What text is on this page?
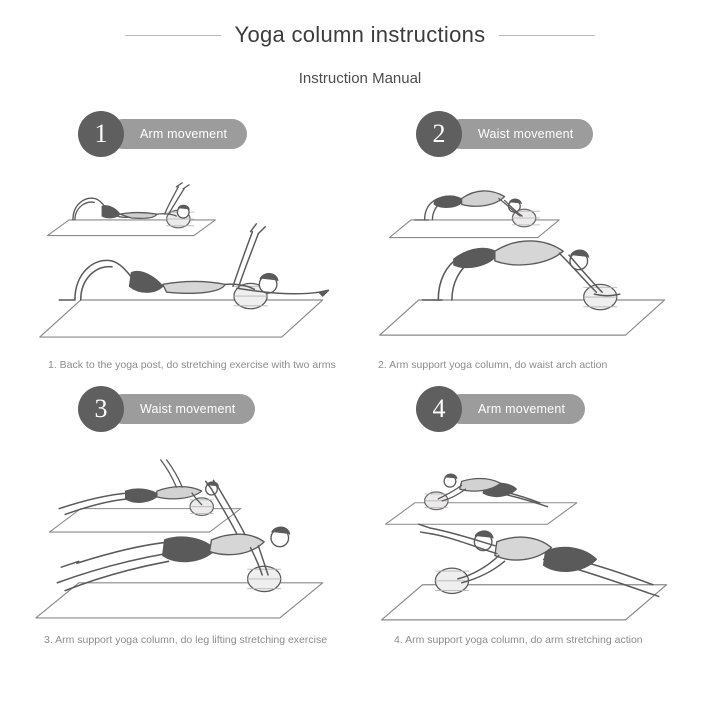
Yoga column instructions
Instruction Manual
1	Arm movement
1. Back to the yoga post, do stretching exercise with two arms
2	Waist movement
2. Arm support yoga column, do waist arch action
3	Waist movement
3. Arm support yoga column, do leg lifting stretching exercise
4	Arm movement
4. Arm support yoga column, do arm stretching action
